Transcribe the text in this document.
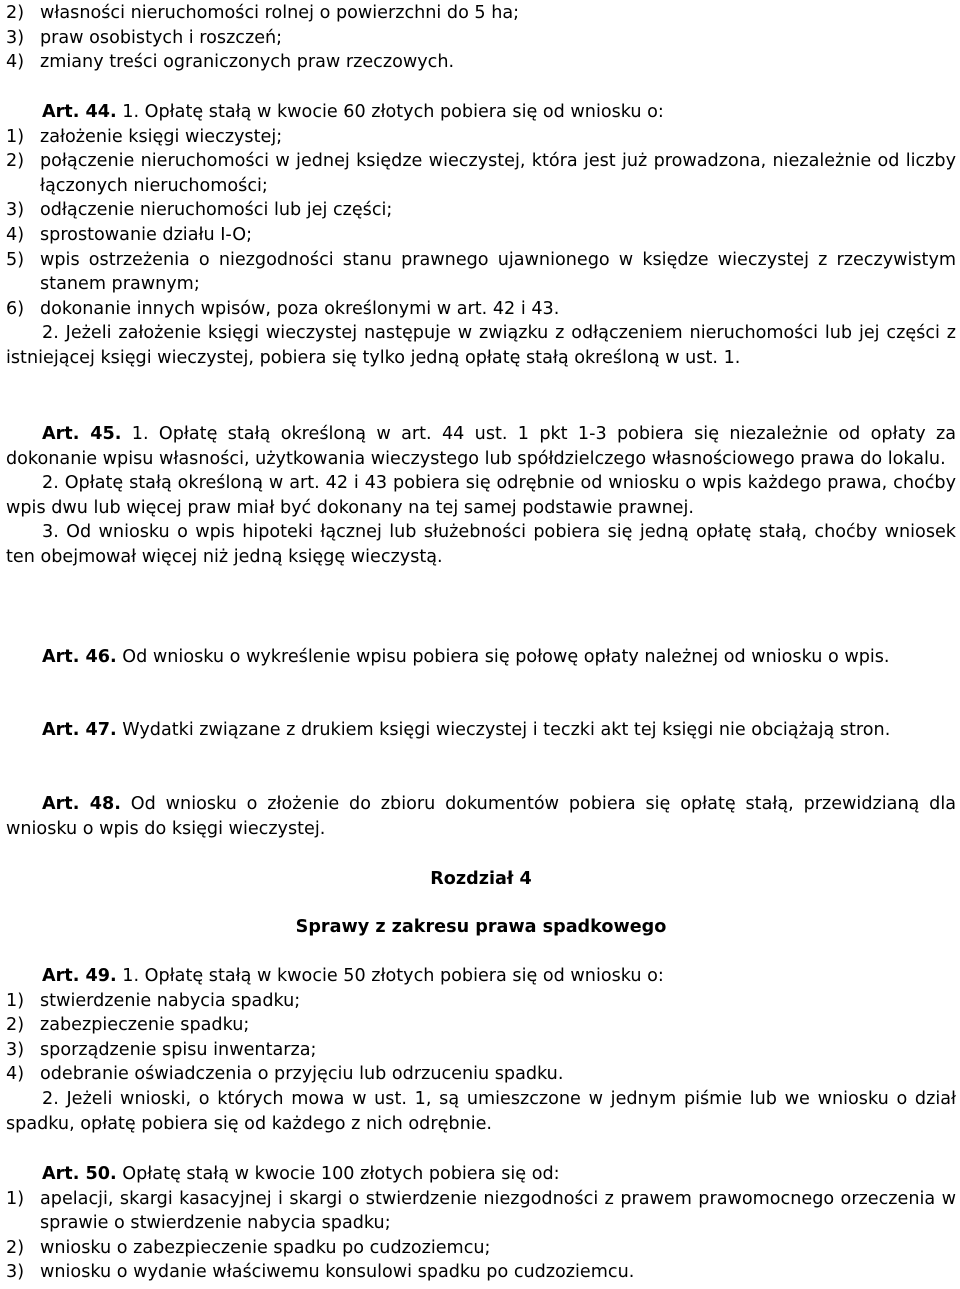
2) własności nieruchomości rolnej o powierzchni do 5 ha;

3) praw osobistych i roszczeń;

4) zmiany treści ograniczonych praw rzeczowych.

Art. 44. 1. Opłatę stałą w kwocie 60 złotych pobiera się od wniosku o:

1) założenie księgi wieczystej;

2) połączenie nieruchomości w jednej księdze wieczystej, która jest już prowadzona, niezależnie od liczby łączonych nieruchomości;

3) odłączenie nieruchomości lub jej części;

4) sprostowanie działu I-O;

5) wpis ostrzeżenia o niezgodności stanu prawnego ujawnionego w księdze wieczystej z rzeczywistym stanem prawnym;

6) dokonanie innych wpisów, poza określonymi w art. 42 i 43.

2. Jeżeli założenie księgi wieczystej następuje w związku z odłączeniem nieruchomości lub jej części z istniejącej księgi wieczystej, pobiera się tylko jedną opłatę stałą określoną w ust. 1.

Art. 45. 1. Opłatę stałą określoną w art. 44 ust. 1 pkt 1-3 pobiera się niezależnie od opłaty za dokonanie wpisu własności, użytkowania wieczystego lub spółdzielczego własnościowego prawa do lokalu.

2. Opłatę stałą określoną w art. 42 i 43 pobiera się odrębnie od wniosku o wpis każdego prawa, choćby wpis dwu lub więcej praw miał być dokonany na tej samej podstawie prawnej.

3. Od wniosku o wpis hipoteki łącznej lub służebności pobiera się jedną opłatę stałą, choćby wniosek ten obejmował więcej niż jedną księgę wieczystą.

Art. 46. Od wniosku o wykreślenie wpisu pobiera się połowę opłaty należnej od wniosku o wpis.

Art. 47. Wydatki związane z drukiem księgi wieczystej i teczki akt tej księgi nie obciążają stron.

Art. 48. Od wniosku o złożenie do zbioru dokumentów pobiera się opłatę stałą, przewidzianą dla wniosku o wpis do księgi wieczystej.

Rozdział 4

Sprawy z zakresu prawa spadkowego

Art. 49. 1. Opłatę stałą w kwocie 50 złotych pobiera się od wniosku o:

1) stwierdzenie nabycia spadku;

2) zabezpieczenie spadku;

3) sporządzenie spisu inwentarza;

4) odebranie oświadczenia o przyjęciu lub odrzuceniu spadku.

2. Jeżeli wnioski, o których mowa w ust. 1, są umieszczone w jednym piśmie lub we wniosku o dział spadku, opłatę pobiera się od każdego z nich odrębnie.

Art. 50. Opłatę stałą w kwocie 100 złotych pobiera się od:

1) apelacji, skargi kasacyjnej i skargi o stwierdzenie niezgodności z prawem prawomocnego orzeczenia w sprawie o stwierdzenie nabycia spadku;

2) wniosku o zabezpieczenie spadku po cudzoziemcu;

3) wniosku o wydanie właściwemu konsulowi spadku po cudzoziemcu.
